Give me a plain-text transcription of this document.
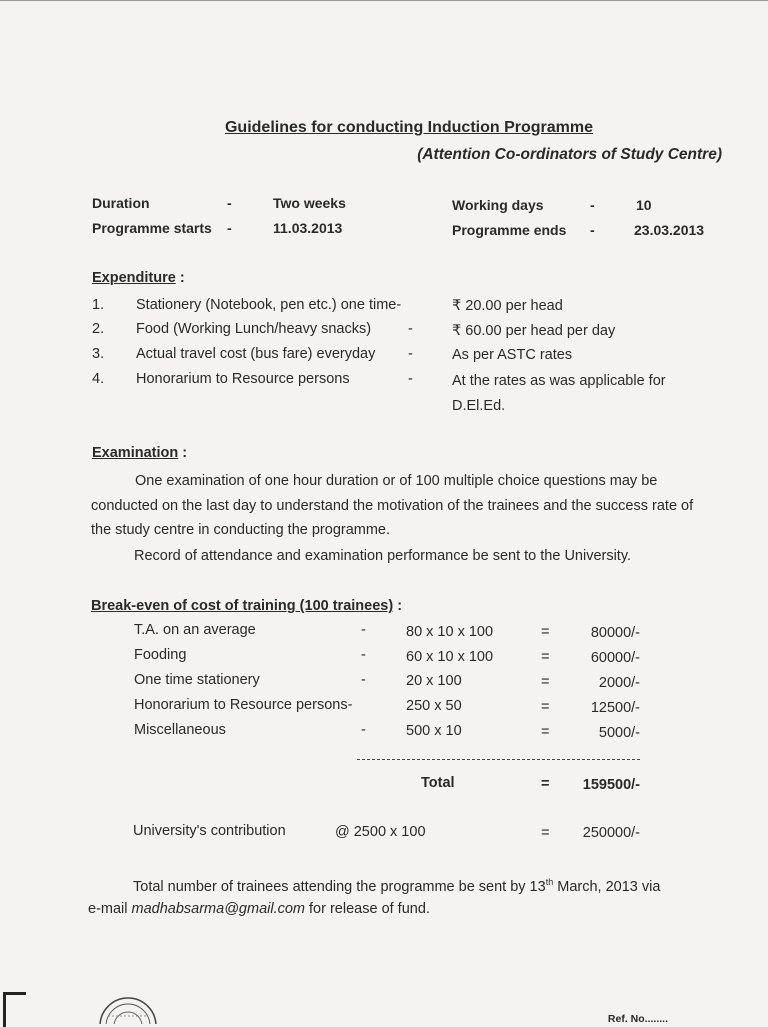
Guidelines for conducting Induction Programme
(Attention Co-ordinators of Study Centre)
Duration	-	Two weeks	Working days	-	10
Programme starts -	11.03.2013	Programme ends -	23.03.2013
Expenditure :
1. Stationery (Notebook, pen etc.) one time-	₹ 20.00 per head
2. Food (Working Lunch/heavy snacks)	-	₹ 60.00 per head per day
3. Actual travel cost (bus fare) everyday -	As per ASTC rates
4. Honorarium to Resource persons	-	At the rates as was applicable for
D.El.Ed.
Examination :
One examination of one hour duration or of 100 multiple choice questions may be
conducted on the last day to understand the motivation of the trainees and the success rate of
the study centre in conducting the programme.
Record of attendance and examination performance be sent to the University.
Break-even of cost of training (100 trainees) :
T.A. on an average	-	80 x 10 x 100	=	80000/-
Fooding	-	60 x 10 x 100	=	60000/-
One time stationery	-	20 x 100	=	2000/-
Honorarium to Resource persons-	250 x 50	=	12500/-
Miscellaneous	-	500 x 10	=	5000/-
Total	=	159500/-
University's contribution	@ 2500 x 100	=	250000/-
Total number of trainees attending the programme be sent by 13th March, 2013 via
e-mail madhabsarma@gmail.com for release of fund.
Ref. No........
